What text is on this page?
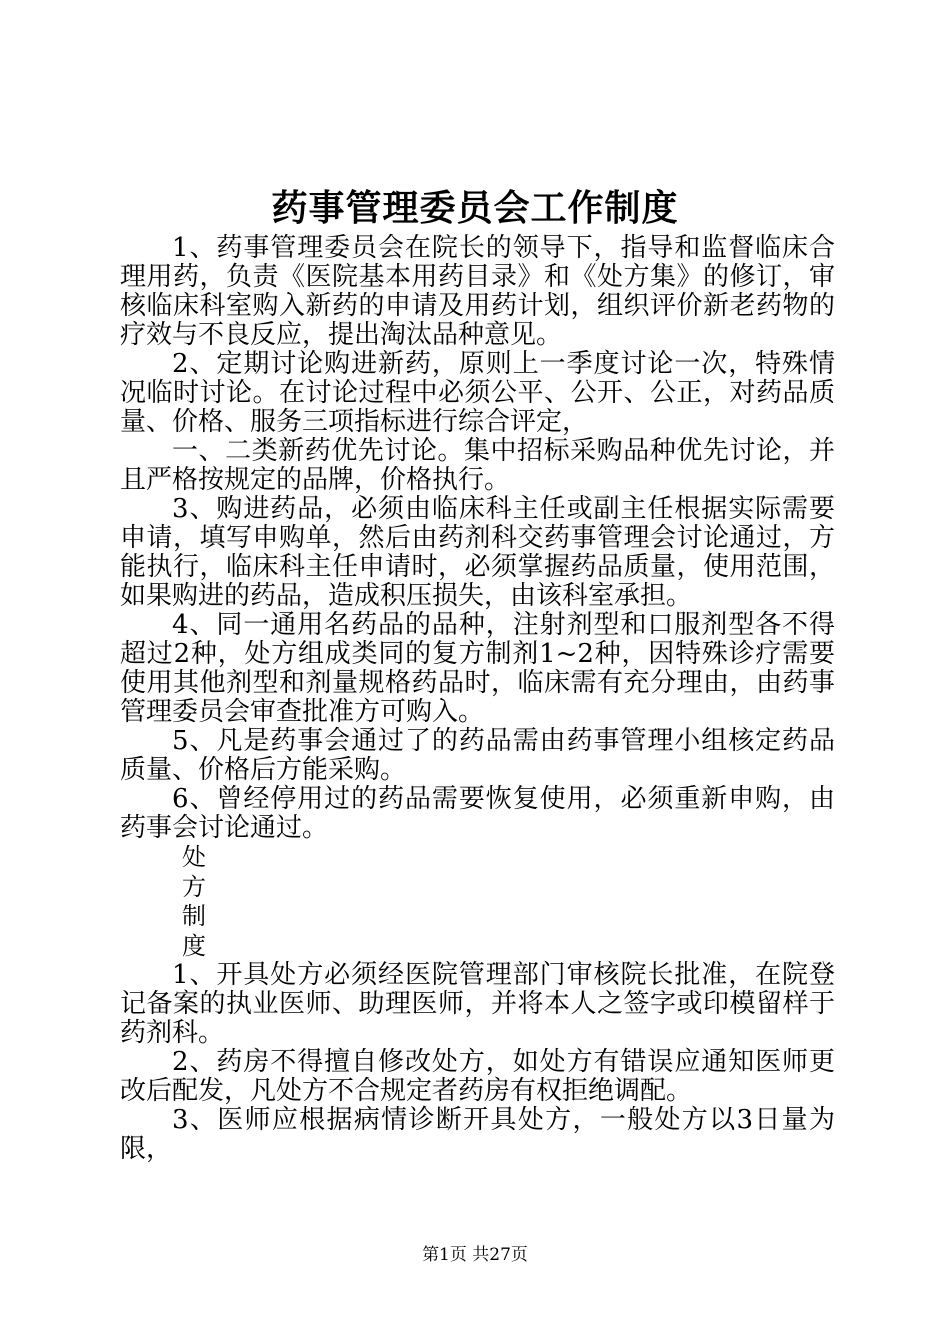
药事管理委员会工作制度

1、药事管理委员会在院长的领导下，指导和监督临床合理用药，负责《医院基本用药目录》和《处方集》的修订，审核临床科室购入新药的申请及用药计划，组织评价新老药物的疗效与不良反应，提出淘汰品种意见。

2、定期讨论购进新药，原则上一季度讨论一次，特殊情况临时讨论。在讨论过程中必须公平、公开、公正，对药品质量、价格、服务三项指标进行综合评定，

一、二类新药优先讨论。集中招标采购品种优先讨论，并且严格按规定的品牌，价格执行。

3、购进药品，必须由临床科主任或副主任根据实际需要申请，填写申购单，然后由药剂科交药事管理会讨论通过，方能执行，临床科主任申请时，必须掌握药品质量，使用范围，如果购进的药品，造成积压损失，由该科室承担。

4、同一通用名药品的品种，注射剂型和口服剂型各不得超过2种，处方组成类同的复方制剂1~2种，因特殊诊疗需要使用其他剂型和剂量规格药品时，临床需有充分理由，由药事管理委员会审查批准方可购入。

5、凡是药事会通过了的药品需由药事管理小组核定药品质量、价格后方能采购。

6、曾经停用过的药品需要恢复使用，必须重新申购，由药事会讨论通过。

处
方
制
度

1、开具处方必须经医院管理部门审核院长批准，在院登记备案的执业医师、助理医师，并将本人之签字或印模留样于药剂科。

2、药房不得擅自修改处方，如处方有错误应通知医师更改后配发，凡处方不合规定者药房有权拒绝调配。

3、医师应根据病情诊断开具处方，一般处方以3日量为限，

第1页 共27页
